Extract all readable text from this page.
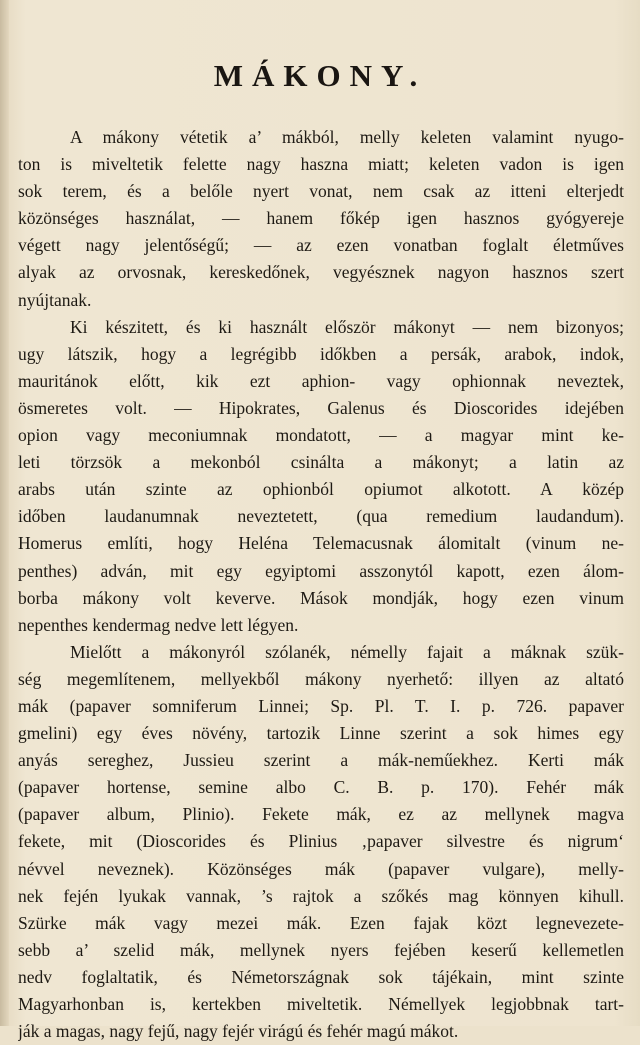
MÁKONY.
A mákony vétetik a’ mákból, melly keleten valamint nyugo-
ton is miveltetik felette nagy haszna miatt; keleten vadon is igen
sok terem, és a belőle nyert vonat, nem csak az itteni elterjedt
közönséges használat, — hanem főkép igen hasznos gyógyereje
végett nagy jelentőségű; — az ezen vonatban foglalt életműves
alyak az orvosnak, kereskedőnek, vegyésznek nagyon hasznos szert
nyújtanak.
Ki készitett, és ki használt először mákonyt — nem bizonyos;
ugy látszik, hogy a legrégibb időkben a persák, arabok, indok,
mauritánok előtt, kik ezt aphion- vagy ophionnak neveztek,
ösmeretes volt. — Hipokrates, Galenus és Dioscorides idejében
opion vagy meconiumnak mondatott, — a magyar mint ke-
leti törzsök a mekonból csinálta a mákonyt; a latin az
arabs után szinte az ophionból opiumot alkotott. A közép
időben laudanumnak neveztetett, (qua remedium laudandum).
Homerus említi, hogy Heléna Telemacusnak álomitalt (vinum ne-
penthes) adván, mit egy egyiptomi asszonytól kapott, ezen álom-
borba mákony volt keverve. Mások mondják, hogy ezen vinum
nepenthes kendermag nedve lett légyen.
Mielőtt a mákonyról szólanék, némelly fajait a máknak szük-
ség megemlítenem, mellyekből mákony nyerhető: illyen az altató
mák (papaver somniferum Linnei; Sp. Pl. T. I. p. 726. papaver
gmelini) egy éves növény, tartozik Linne szerint a sok himes egy
anyás sereghez, Jussieu szerint a mák-neműekhez. Kerti mák
(papaver hortense, semine albo C. B. p. 170). Fehér mák
(papaver album, Plinio). Fekete mák, ez az mellynek magva
fekete, mit (Dioscorides és Plinius ‚papaver silvestre és nigrum‘
névvel neveznek). Közönséges mák (papaver vulgare), melly-
nek fején lyukak vannak, ’s rajtok a szőkés mag könnyen kihull.
Szürke mák vagy mezei mák. Ezen fajak közt legnevezete-
sebb a’ szelid mák, mellynek nyers fejében keserű kellemetlen
nedv foglaltatik, és Németországnak sok tájékain, mint szinte
Magyarhonban is, kertekben miveltetik. Némellyek legjobbnak tart-
ják a magas, nagy fejű, nagy fejér virágú és fehér magú mákot.
